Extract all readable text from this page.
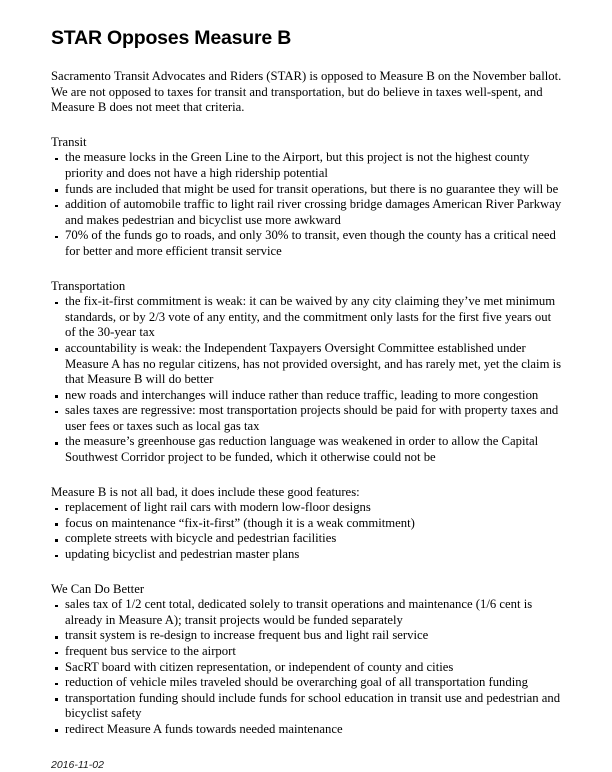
STAR Opposes Measure B

Sacramento Transit Advocates and Riders (STAR) is opposed to Measure B on the November ballot. We are not opposed to taxes for transit and transportation, but do believe in taxes well-spent, and Measure B does not meet that criteria.

Transit

the measure locks in the Green Line to the Airport, but this project is not the highest county priority and does not have a high ridership potential
funds are included that might be used for transit operations, but there is no guarantee they will be
addition of automobile traffic to light rail river crossing bridge damages American River Parkway and makes pedestrian and bicyclist use more awkward
70% of the funds go to roads, and only 30% to transit, even though the county has a critical need for better and more efficient transit service

Transportation

the fix-it-first commitment is weak: it can be waived by any city claiming they’ve met minimum standards, or by 2/3 vote of any entity, and the commitment only lasts for the first five years out of the 30-year tax
accountability is weak: the Independent Taxpayers Oversight Committee established under Measure A has no regular citizens, has not provided oversight, and has rarely met, yet the claim is that Measure B will do better
new roads and interchanges will induce rather than reduce traffic, leading to more congestion
sales taxes are regressive: most transportation projects should be paid for with property taxes and user fees or taxes such as local gas tax
the measure’s greenhouse gas reduction language was weakened in order to allow the Capital Southwest Corridor project to be funded, which it otherwise could not be

Measure B is not all bad, it does include these good features:

replacement of light rail cars with modern low-floor designs
focus on maintenance “fix-it-first” (though it is a weak commitment)
complete streets with bicycle and pedestrian facilities
updating bicyclist and pedestrian master plans

We Can Do Better

sales tax of 1/2 cent total, dedicated solely to transit operations and maintenance (1/6 cent is already in Measure A); transit projects would be funded separately
transit system is re-design to increase frequent bus and light rail service
frequent bus service to the airport
SacRT board with citizen representation, or independent of county and cities
reduction of vehicle miles traveled should be overarching goal of all transportation funding
transportation funding should include funds for school education in transit use and pedestrian and bicyclist safety
redirect Measure A funds towards needed maintenance

2016-11-02
